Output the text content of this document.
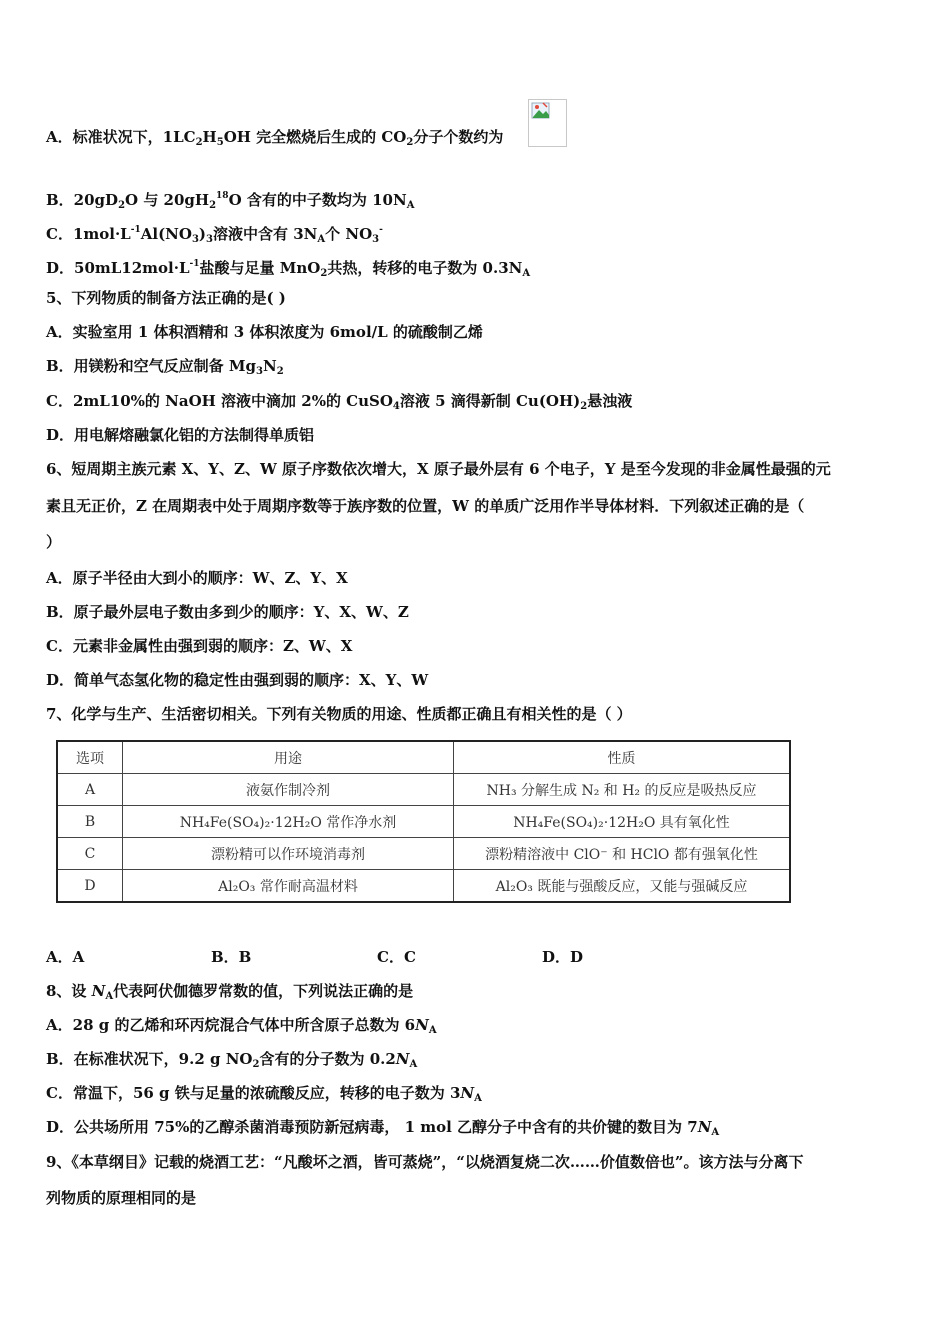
A．标准状况下，$1LC_2H_5OH$ 完全燃烧后生成的 $CO_2$分子个数约为
B．$20gD_2O$ 与 $20gH_2^{18}O$ 含有的中子数均为 $10N_A$
C．$1mol\cdot L^{-1}Al(NO_3)_3$溶液中含有 $3N_A$个 $NO_3^-$
D．$50mL12mol\cdot L^{-1}$盐酸与足量 MnO$_2$共热，转移的电子数为 $0.3N_A$
5、下列物质的制备方法正确的是( )
A．实验室用 1 体积酒精和 3 体积浓度为 6mol/L 的硫酸制乙烯
B．用镁粉和空气反应制备 $Mg_3N_2$
C．2mL10%的 NaOH 溶液中滴加 2%的 CuSO$_4$溶液 5 滴得新制 $Cu(OH)_2$悬浊液
D．用电解熔融氯化铝的方法制得单质铝
6、短周期主族元素 X、Y、Z、W 原子序数依次增大，X 原子最外层有 6 个电子，Y 是至今发现的非金属性最强的元
素且无正价，Z 在周期表中处于周期序数等于族序数的位置，W 的单质广泛用作半导体材料．下列叙述正确的是（
）
A．原子半径由大到小的顺序：W、Z、Y、X
B．原子最外层电子数由多到少的顺序：Y、X、W、Z
C．元素非金属性由强到弱的顺序：Z、W、X
D．简单气态氢化物的稳定性由强到弱的顺序：X、Y、W
7、化学与生产、生活密切相关。下列有关物质的用途、性质都正确且有相关性的是（ ）
选项	用途	性质
A	液氨作制冷剂	NH₃ 分解生成 N₂ 和 H₂ 的反应是吸热反应
B	NH₄Fe(SO₄)₂·12H₂O 常作净水剂	NH₄Fe(SO₄)₂·12H₂O 具有氧化性
C	漂粉精可以作环境消毒剂	漂粉精溶液中 ClO⁻ 和 HClO 都有强氧化性
D	Al₂O₃ 常作耐高温材料	Al₂O₃ 既能与强酸反应，又能与强碱反应
A．A	B．B	C．C	D．D
8、设 $N_A$代表阿伏伽德罗常数的值，下列说法正确的是
A．28 g 的乙烯和环丙烷混合气体中所含原子总数为 $6N_A$
B．在标准状况下，9.2 g $NO_2$含有的分子数为 $0.2N_A$
C．常温下，56 g 铁与足量的浓硫酸反应，转移的电子数为 $3N_A$
D．公共场所用 75%的乙醇杀菌消毒预防新冠病毒， 1 mol 乙醇分子中含有的共价键的数目为 $7N_A$
9、《本草纲目》记载的烧酒工艺：“凡酸坏之酒，皆可蒸烧”，“以烧酒复烧二次……价值数倍也”。该方法与分离下
列物质的原理相同的是
